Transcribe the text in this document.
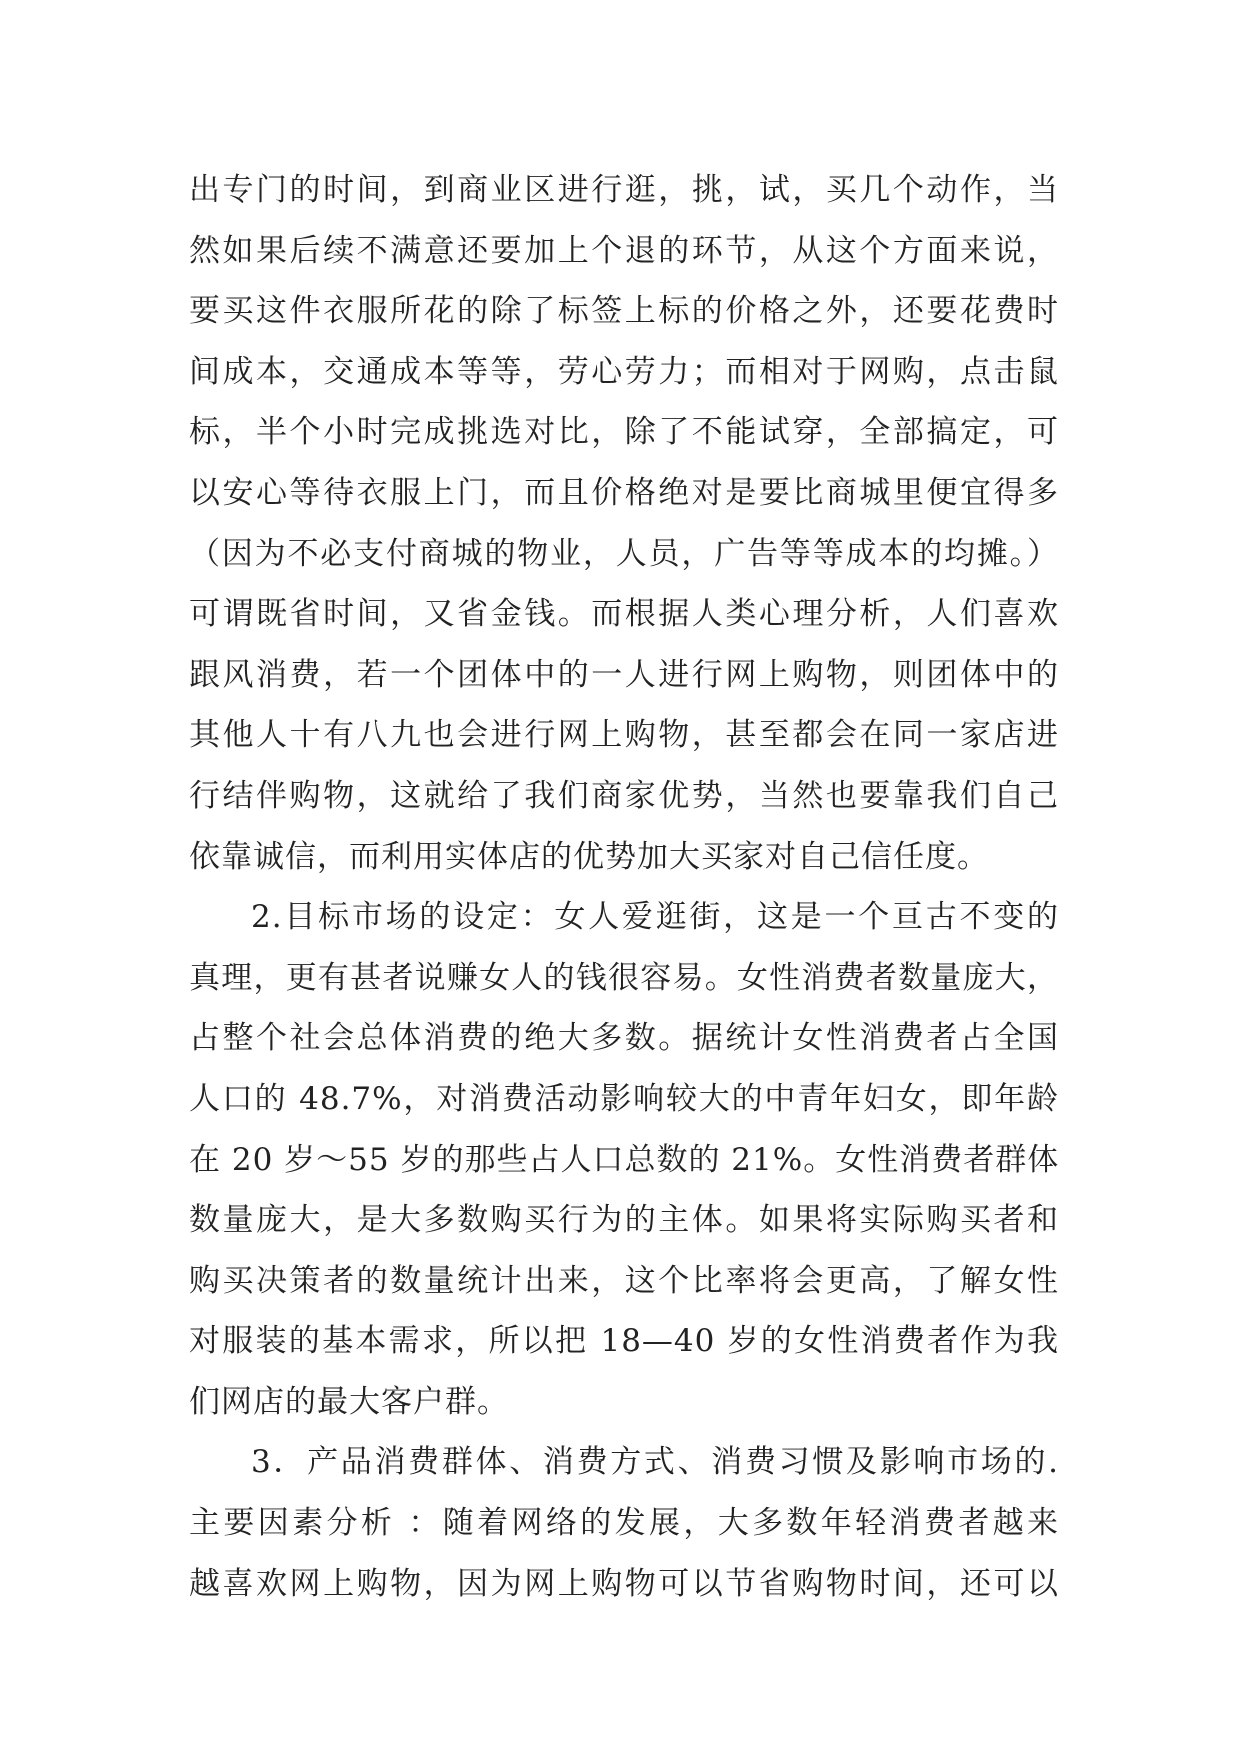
出专门的时间，到商业区进行逛，挑，试，买几个动作，当
然如果后续不满意还要加上个退的环节，从这个方面来说，
要买这件衣服所花的除了标签上标的价格之外，还要花费时
间成本，交通成本等等，劳心劳力；而相对于网购，点击鼠
标，半个小时完成挑选对比，除了不能试穿，全部搞定，可
以安心等待衣服上门，而且价格绝对是要比商城里便宜得多
（因为不必支付商城的物业，人员，广告等等成本的均摊。）
可谓既省时间，又省金钱。而根据人类心理分析，人们喜欢
跟风消费，若一个团体中的一人进行网上购物，则团体中的
其他人十有八九也会进行网上购物，甚至都会在同一家店进
行结伴购物，这就给了我们商家优势，当然也要靠我们自己
依靠诚信，而利用实体店的优势加大买家对自己信任度。
2.目标市场的设定：女人爱逛街，这是一个亘古不变的
真理，更有甚者说赚女人的钱很容易。女性消费者数量庞大，
占整个社会总体消费的绝大多数。据统计女性消费者占全国
人口的 48.7%，对消费活动影响较大的中青年妇女，即年龄
在 20 岁～55 岁的那些占人口总数的 21%。女性消费者群体
数量庞大，是大多数购买行为的主体。如果将实际购买者和
购买决策者的数量统计出来，这个比率将会更高，了解女性
对服装的基本需求，所以把 18—40 岁的女性消费者作为我
们网店的最大客户群。
3．产品消费群体、消费方式、消费习惯及影响市场的.
主要因素分析 ：随着网络的发展，大多数年轻消费者越来
越喜欢网上购物，因为网上购物可以节省购物时间，还可以
